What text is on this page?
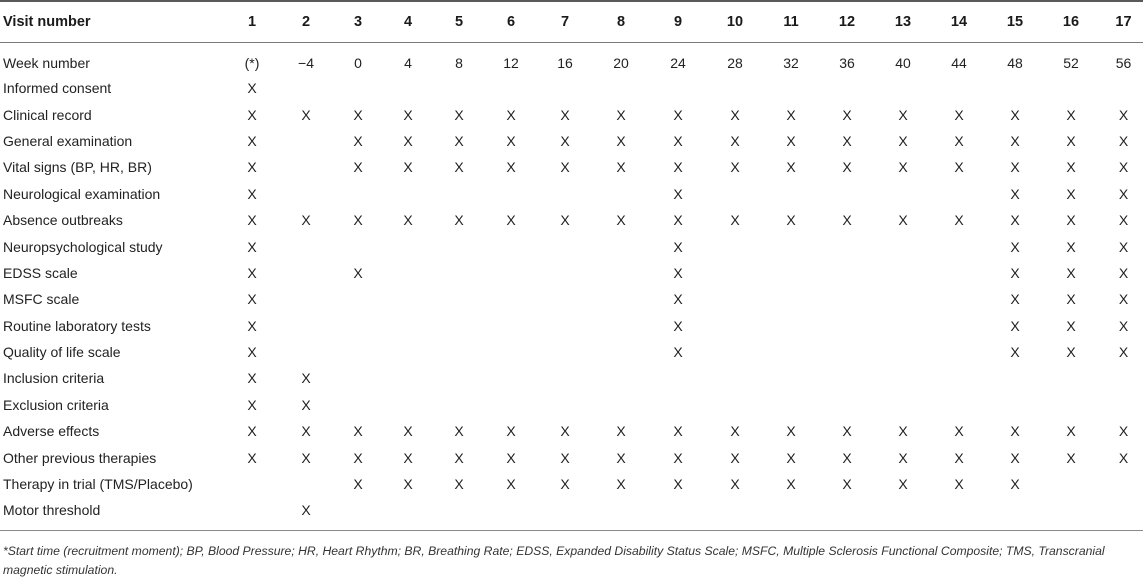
Visit number	1	2	3	4	5	6	7	8	9	10	11	12	13	14	15	16	17
Week number	(*)	−4	0	4	8	12	16	20	24	28	32	36	40	44	48	52	56
Informed consent	X																
Clinical record	X	X	X	X	X	X	X	X	X	X	X	X	X	X	X	X	X
General examination	X		X	X	X	X	X	X	X	X	X	X	X	X	X	X	X
Vital signs (BP, HR, BR)	X		X	X	X	X	X	X	X	X	X	X	X	X	X	X	X
Neurological examination	X								X						X	X	X
Absence outbreaks	X	X	X	X	X	X	X	X	X	X	X	X	X	X	X	X	X
Neuropsychological study	X								X						X	X	X
EDSS scale	X		X						X						X	X	X
MSFC scale	X								X						X	X	X
Routine laboratory tests	X								X						X	X	X
Quality of life scale	X								X						X	X	X
Inclusion criteria	X	X															
Exclusion criteria	X	X															
Adverse effects	X	X	X	X	X	X	X	X	X	X	X	X	X	X	X	X	X
Other previous therapies	X	X	X	X	X	X	X	X	X	X	X	X	X	X	X	X	X
Therapy in trial (TMS/Placebo)			X	X	X	X	X	X	X	X	X	X	X	X	X		
Motor threshold		X															
*Start time (recruitment moment); BP, Blood Pressure; HR, Heart Rhythm; BR, Breathing Rate; EDSS, Expanded Disability Status Scale; MSFC, Multiple Sclerosis Functional Composite; TMS, Transcranial magnetic stimulation.
